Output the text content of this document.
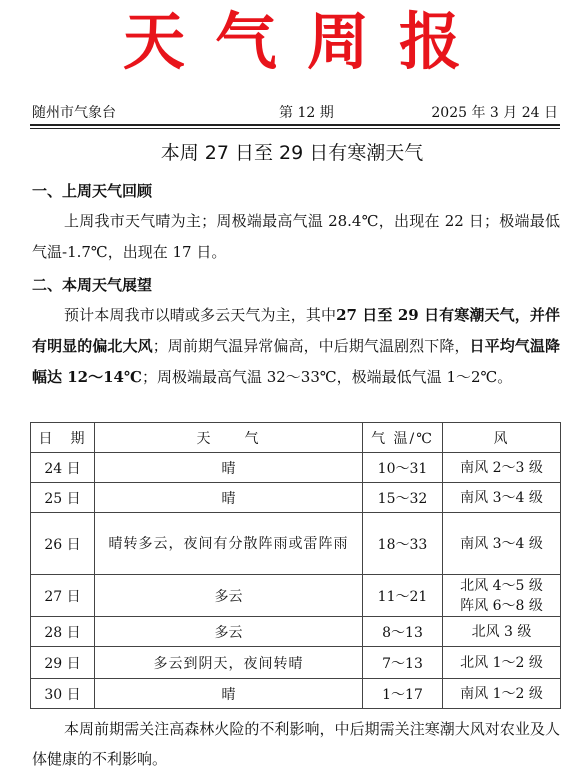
天气周报
随州市气象台	第 12 期	2025 年 3 月 24 日
本周 27 日至 29 日有寒潮天气
一、上周天气回顾
上周我市天气晴为主；周极端最高气温 28.4℃，出现在 22 日；极端最低气温-1.7℃，出现在 17 日。
二、本周天气展望
预计本周我市以晴或多云天气为主，其中27 日至 29 日有寒潮天气，并伴有明显的偏北大风；周前期气温异常偏高，中后期气温剧烈下降，日平均气温降幅达 12～14℃；周极端最高气温 32～33℃，极端最低气温 1～2℃。
日　期	天　　气	气 温/℃	风
24 日	晴	10～31	南风 2～3 级
25 日	晴	15～32	南风 3～4 级
26 日	晴转多云，夜间有分散阵雨或雷阵雨	18～33	南风 3～4 级
27 日	多云	11～21	北风 4～5 级
阵风 6～8 级
28 日	多云	8～13	北风 3 级
29 日	多云到阴天，夜间转晴	7～13	北风 1～2 级
30 日	晴	1～17	南风 1～2 级
本周前期需关注高森林火险的不利影响，中后期需关注寒潮大风对农业及人体健康的不利影响。
